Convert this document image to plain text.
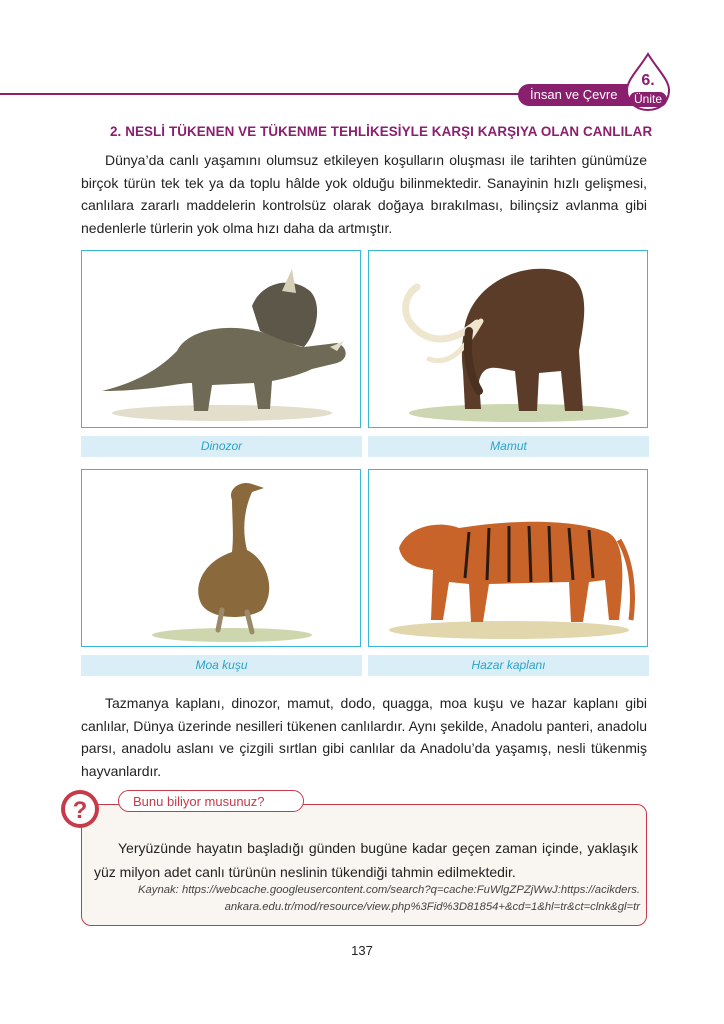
İnsan ve Çevre
6.
Ünite
2. NESLİ TÜKENEN VE TÜKENME TEHLİKESİYLE KARŞI KARŞIYA OLAN CANLILAR
Dünya’da canlı yaşamını olumsuz etkileyen koşulların oluşması ile tarihten günümüze birçok türün tek tek ya da toplu hâlde yok olduğu bilinmektedir. Sanayinin hızlı gelişmesi, canlılara zararlı maddelerin kontrolsüz olarak doğaya bırakılması, bilinçsiz avlanma gibi nedenlerle türlerin yok olma hızı daha da artmıştır.
Dinozor	Mamut
Moa kuşu	Hazar kaplanı
Tazmanya kaplanı, dinozor, mamut, dodo, quagga, moa kuşu ve hazar kaplanı gibi canlılar, Dünya üzerinde nesilleri tükenen canlılardır. Aynı şekilde, Anadolu panteri, anadolu parsı, anadolu aslanı ve çizgili sırtlan gibi canlılar da Anadolu’da yaşamış, nesli tükenmiş hayvanlardır.
?	Bunu biliyor musunuz?
Yeryüzünde hayatın başladığı günden bugüne kadar geçen zaman içinde, yaklaşık yüz milyon adet canlı türünün neslinin tükendiği tahmin edilmektedir.
Kaynak: https://webcache.googleusercontent.com/search?q=cache:FuWlgZPZjWwJ:https://acikders.
ankara.edu.tr/mod/resource/view.php%3Fid%3D81854+&cd=1&hl=tr&ct=clnk&gl=tr
137
